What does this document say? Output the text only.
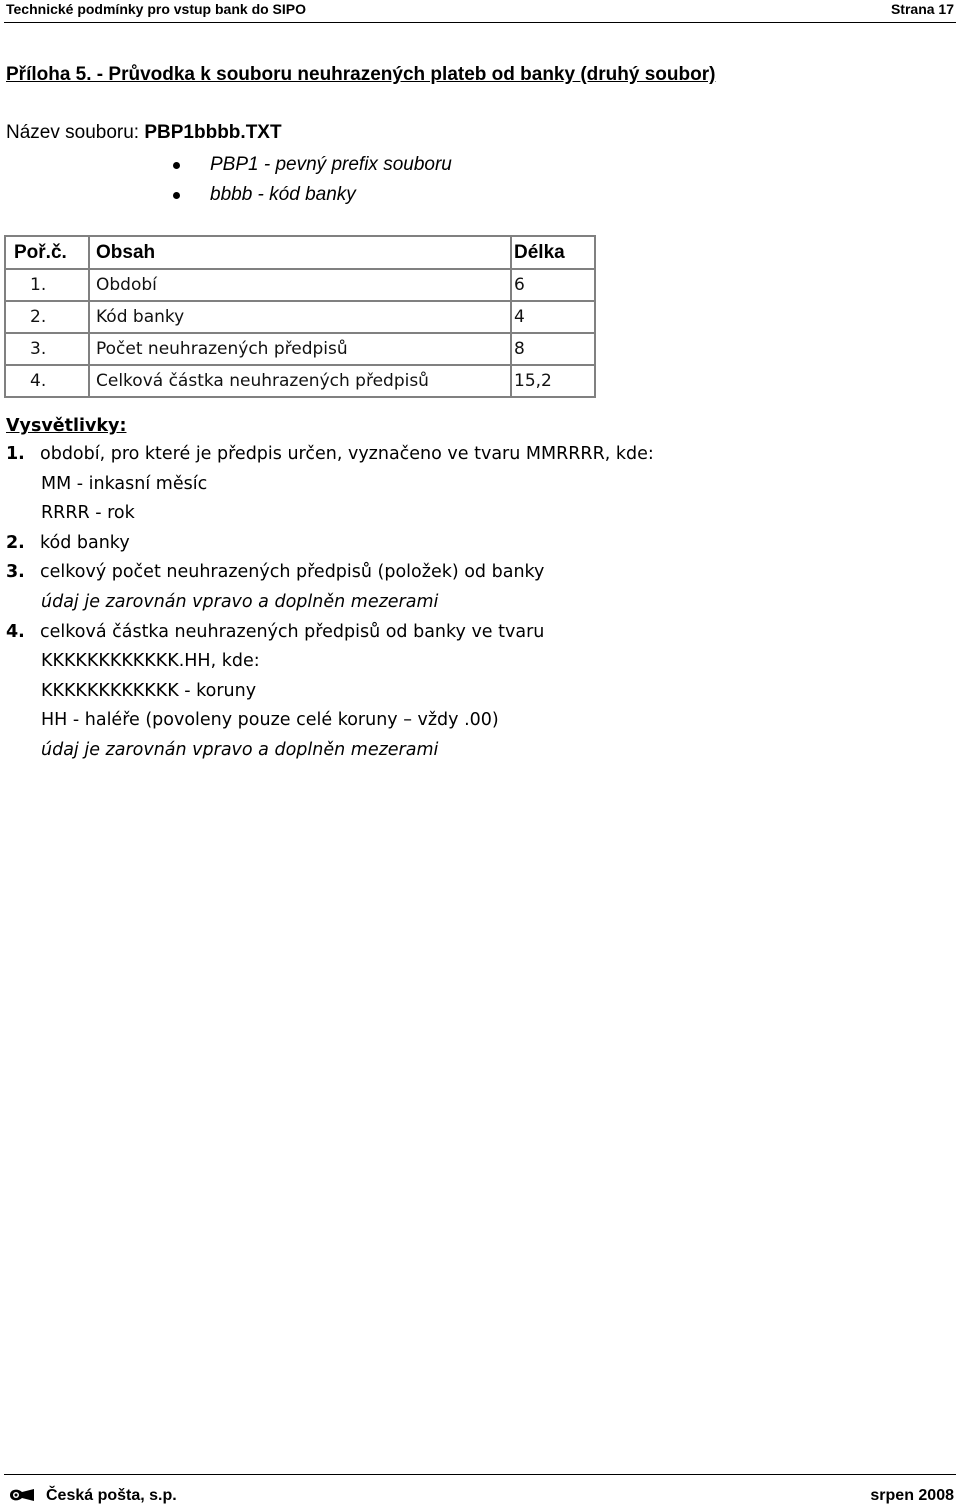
Technické podmínky pro vstup bank do SIPO	Strana 17
Příloha 5. - Průvodka k souboru neuhrazených plateb od banky (druhý soubor)
Název souboru: PBP1bbbb.TXT
PBP1 - pevný prefix souboru
bbbb - kód banky
Poř.č.	Obsah	Délka
1.	Období	6
2.	Kód banky	4
3.	Počet neuhrazených předpisů	8
4.	Celková částka neuhrazených předpisů	15,2
Vysvětlivky:
1. období, pro které je předpis určen, vyznačeno ve tvaru MMRRRR, kde:
MM - inkasní měsíc
RRRR - rok
2. kód banky
3. celkový počet neuhrazených předpisů (položek) od banky
údaj je zarovnán vpravo a doplněn mezerami
4. celková částka neuhrazených předpisů od banky ve tvaru
KKKKKKKKKKKK.HH, kde:
KKKKKKKKKKKK - koruny
HH - haléře (povoleny pouze celé koruny – vždy .00)
údaj je zarovnán vpravo a doplněn mezerami
Česká pošta, s.p.	srpen 2008
